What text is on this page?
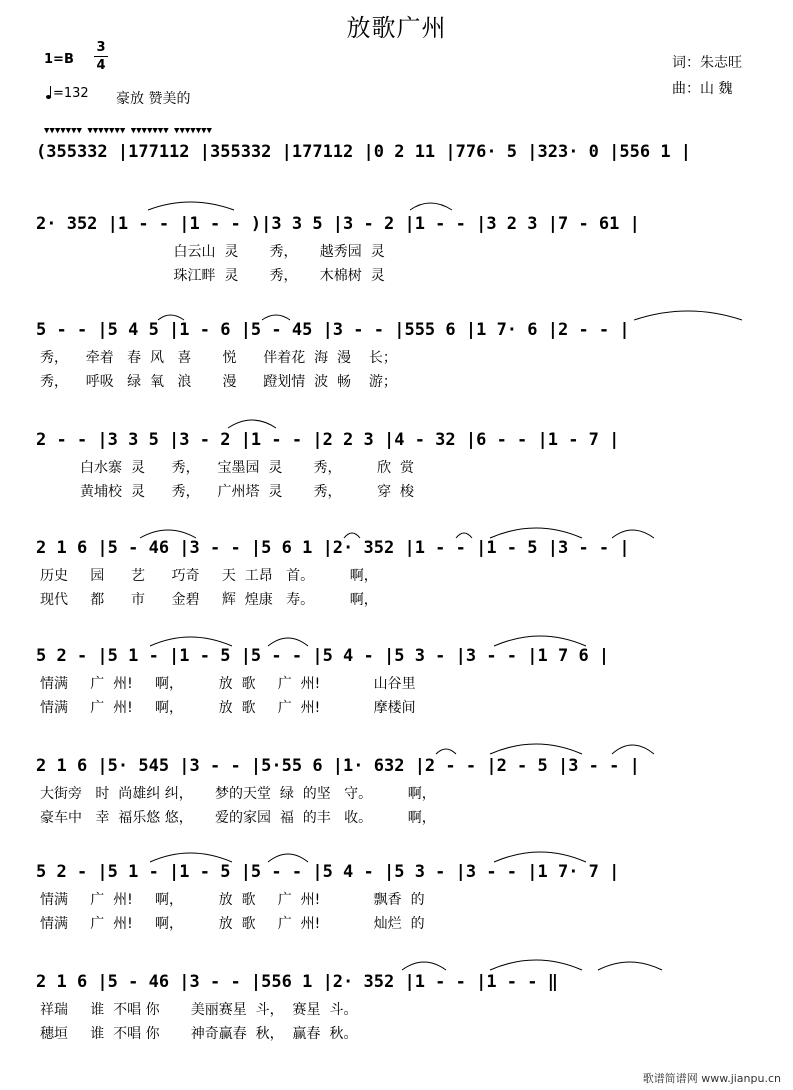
放歌广州
1=B
3
4
=132 豪放 赞美的
词：朱志旺
曲：山 魏
▼▼▼▼▼▼▼ ▼▼▼▼▼▼▼ ▼▼▼▼▼▼▼ ▼▼▼▼▼▼▼
(355332 |177112 |355332 |177112 |0 2 11 |776· 5 |323· 0 |556 1 |
2· 352 |1 - - |1 - - )|3 3 5 |3 - 2 |1 - - |3 2 3 |7 - 61 |
白云山  灵       秀，     越秀园  灵
珠江畔  灵       秀，     木棉树  灵
5 - - |5 4 5 |1 - 6 |5 - 45 |3 - - |555 6 |1 7· 6 |2 - - |
秀，    牵着   春  风   喜       悦      伴着花  海  漫    长；
秀，    呼吸   绿  氧   浪       漫      蹬划情  波  畅    游；
2 - - |3 3 5 |3 - 2 |1 - - |2 2 3 |4 - 32 |6 - - |1 - 7 |
白水寨  灵      秀，    宝墨园  灵       秀，        欣  赏
黄埔校  灵      秀，    广州塔  灵       秀，        穿  梭
2 1 6 |5 - 46 |3 - - |5 6 1 |2· 352 |1 - - |1 - 5 |3 - - |
历史     园      艺      巧奇     天  工昂   首。        啊，
现代     都      市      金碧     辉  煌康   寿。        啊，
5 2 - |5 1 - |1 - 5 |5 - - |5 4 - |5 3 - |3 - - |1 7 6 |
情满     广  州!     啊，        放  歌     广  州!            山谷里
情满     广  州!     啊，        放  歌     广  州!            摩楼间
2 1 6 |5· 545 |3 - - |5·55 6 |1· 632 |2 - - |2 - 5 |3 - - |
大街旁   时  尚雄纠 纠，     梦的天堂  绿  的坚   守。        啊，
豪车中   幸  福乐悠 悠，     爱的家园  福  的丰   收。        啊，
5 2 - |5 1 - |1 - 5 |5 - - |5 4 - |5 3 - |3 - - |1 7· 7 |
情满     广  州!     啊，        放  歌     广  州!            飘香  的
情满     广  州!     啊，        放  歌     广  州!            灿烂  的
2 1 6 |5 - 46 |3 - - |556 1 |2· 352 |1 - - |1 - - ‖
祥瑞     谁  不唱 你       美丽赛星  斗，  赛星  斗。
穗垣     谁  不唱 你       神奇赢春  秋，  赢春  秋。
歌谱简谱网 www.jianpu.cn
